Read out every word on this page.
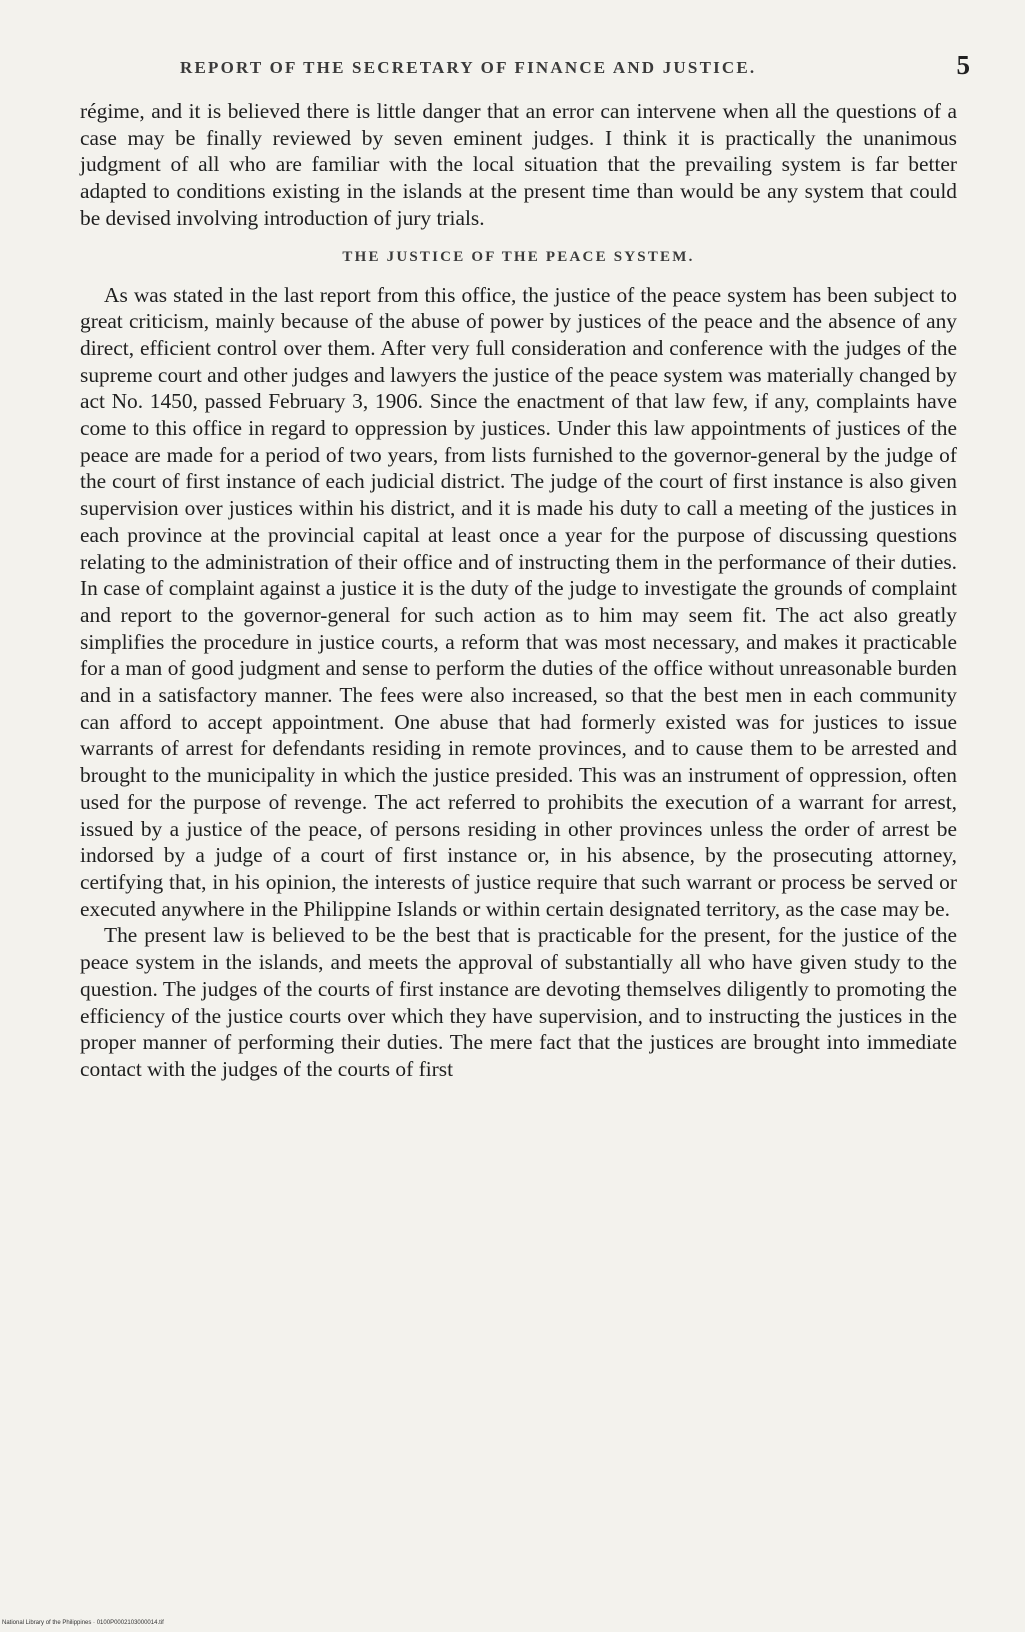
REPORT OF THE SECRETARY OF FINANCE AND JUSTICE.	5

régime, and it is believed there is little danger that an error can intervene when all the questions of a case may be finally reviewed by seven eminent judges. I think it is practically the unanimous judgment of all who are familiar with the local situation that the prevailing system is far better adapted to conditions existing in the islands at the present time than would be any system that could be devised involving introduction of jury trials.

THE JUSTICE OF THE PEACE SYSTEM.

As was stated in the last report from this office, the justice of the peace system has been subject to great criticism, mainly because of the abuse of power by justices of the peace and the absence of any direct, efficient control over them. After very full consideration and conference with the judges of the supreme court and other judges and lawyers the justice of the peace system was materially changed by act No. 1450, passed February 3, 1906. Since the enactment of that law few, if any, complaints have come to this office in regard to oppression by justices. Under this law appointments of justices of the peace are made for a period of two years, from lists furnished to the governor-general by the judge of the court of first instance of each judicial district. The judge of the court of first instance is also given supervision over justices within his district, and it is made his duty to call a meeting of the justices in each province at the provincial capital at least once a year for the purpose of discussing questions relating to the administration of their office and of instructing them in the performance of their duties. In case of complaint against a justice it is the duty of the judge to investigate the grounds of complaint and report to the governor-general for such action as to him may seem fit. The act also greatly simplifies the procedure in justice courts, a reform that was most necessary, and makes it practicable for a man of good judgment and sense to perform the duties of the office without unreasonable burden and in a satisfactory manner. The fees were also increased, so that the best men in each community can afford to accept appointment. One abuse that had formerly existed was for justices to issue warrants of arrest for defendants residing in remote provinces, and to cause them to be arrested and brought to the municipality in which the justice presided. This was an instrument of oppression, often used for the purpose of revenge. The act referred to prohibits the execution of a warrant for arrest, issued by a justice of the peace, of persons residing in other provinces unless the order of arrest be indorsed by a judge of a court of first instance or, in his absence, by the prosecuting attorney, certifying that, in his opinion, the interests of justice require that such warrant or process be served or executed anywhere in the Philippine Islands or within certain designated territory, as the case may be.

The present law is believed to be the best that is practicable for the present, for the justice of the peace system in the islands, and meets the approval of substantially all who have given study to the question. The judges of the courts of first instance are devoting themselves diligently to promoting the efficiency of the justice courts over which they have supervision, and to instructing the justices in the proper manner of performing their duties. The mere fact that the justices are brought into immediate contact with the judges of the courts of first

National Library of the Philippines · 0100P0002103000014.tif
